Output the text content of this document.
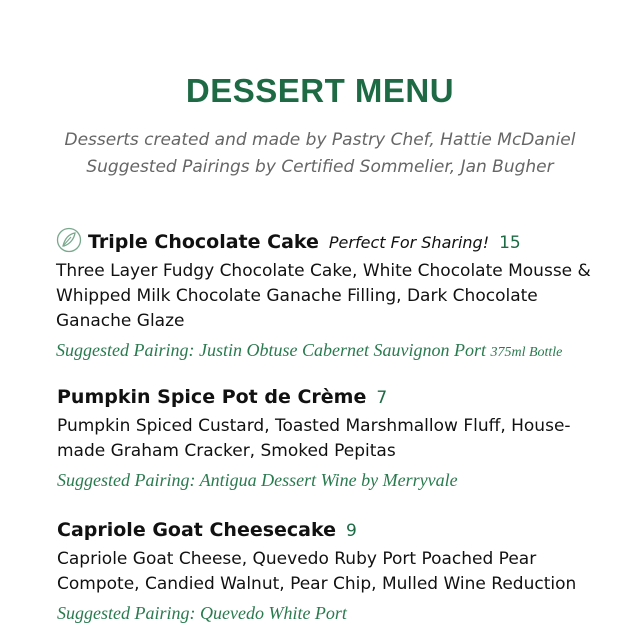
DESSERT MENU
Desserts created and made by Pastry Chef, Hattie McDaniel
Suggested Pairings by Certified Sommelier, Jan Bugher
Triple Chocolate Cake Perfect For Sharing! 15
Three Layer Fudgy Chocolate Cake, White Chocolate Mousse & Whipped Milk Chocolate Ganache Filling, Dark Chocolate Ganache Glaze
Suggested Pairing: Justin Obtuse Cabernet Sauvignon Port 375ml Bottle
Pumpkin Spice Pot de Crème 7
Pumpkin Spiced Custard, Toasted Marshmallow Fluff, House-made Graham Cracker, Smoked Pepitas
Suggested Pairing: Antigua Dessert Wine by Merryvale
Capriole Goat Cheesecake 9
Capriole Goat Cheese, Quevedo Ruby Port Poached Pear Compote, Candied Walnut, Pear Chip, Mulled Wine Reduction
Suggested Pairing: Quevedo White Port
